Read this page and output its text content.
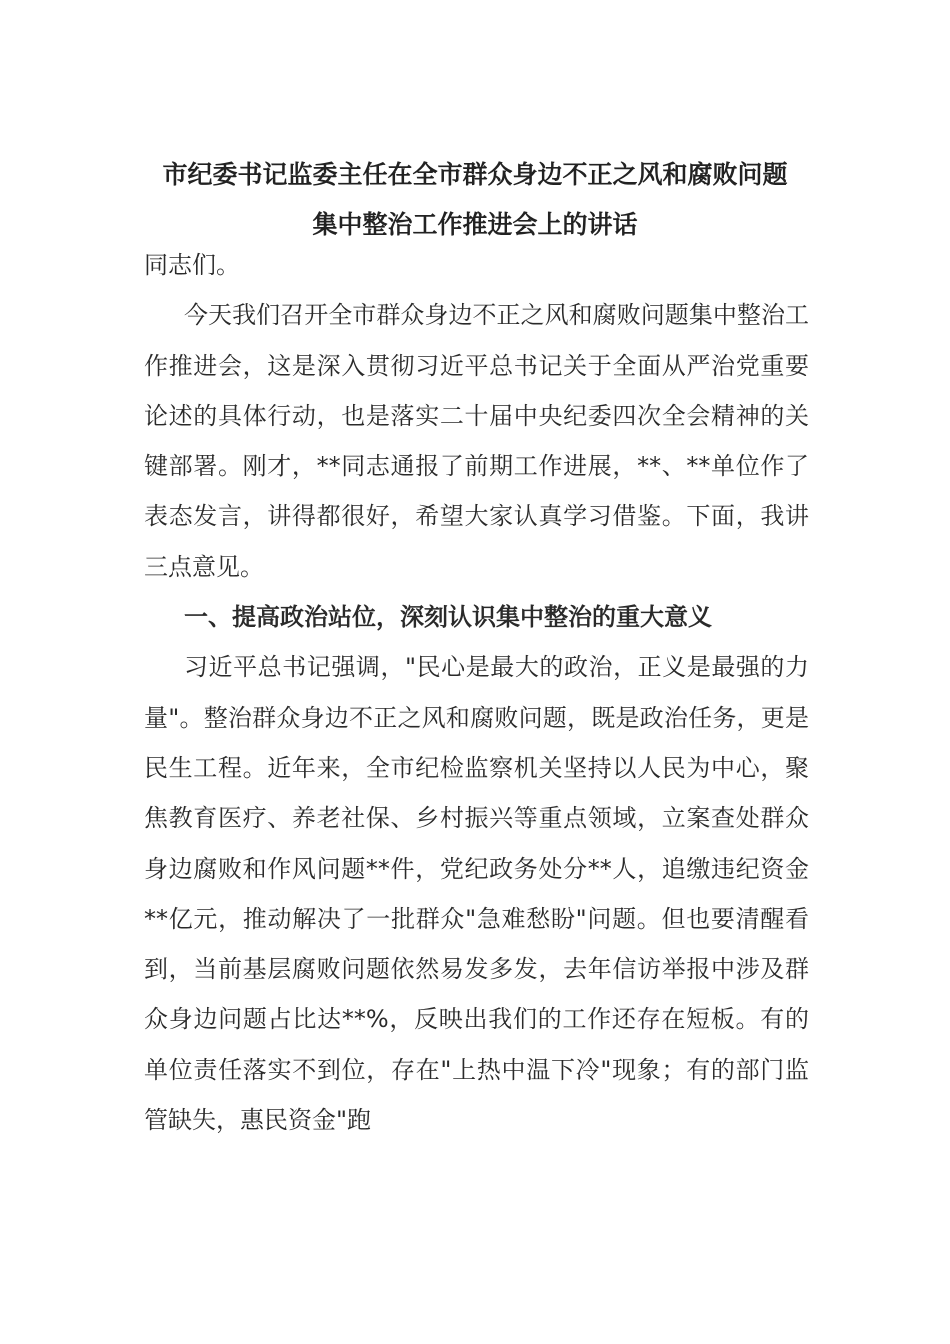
市纪委书记监委主任在全市群众身边不正之风和腐败问题
集中整治工作推进会上的讲话

同志们。

今天我们召开全市群众身边不正之风和腐败问题集中整治工作推进会，这是深入贯彻习近平总书记关于全面从严治党重要论述的具体行动，也是落实二十届中央纪委四次全会精神的关键部署。刚才，**同志通报了前期工作进展，**、**单位作了表态发言，讲得都很好，希望大家认真学习借鉴。下面，我讲三点意见。

一、提高政治站位，深刻认识集中整治的重大意义

习近平总书记强调，"民心是最大的政治，正义是最强的力量"。整治群众身边不正之风和腐败问题，既是政治任务，更是民生工程。近年来，全市纪检监察机关坚持以人民为中心，聚焦教育医疗、养老社保、乡村振兴等重点领域，立案查处群众身边腐败和作风问题**件，党纪政务处分**人，追缴违纪资金**亿元，推动解决了一批群众"急难愁盼"问题。但也要清醒看到，当前基层腐败问题依然易发多发，去年信访举报中涉及群众身边问题占比达**%，反映出我们的工作还存在短板。有的单位责任落实不到位，存在"上热中温下冷"现象；有的部门监管缺失，惠民资金"跑
